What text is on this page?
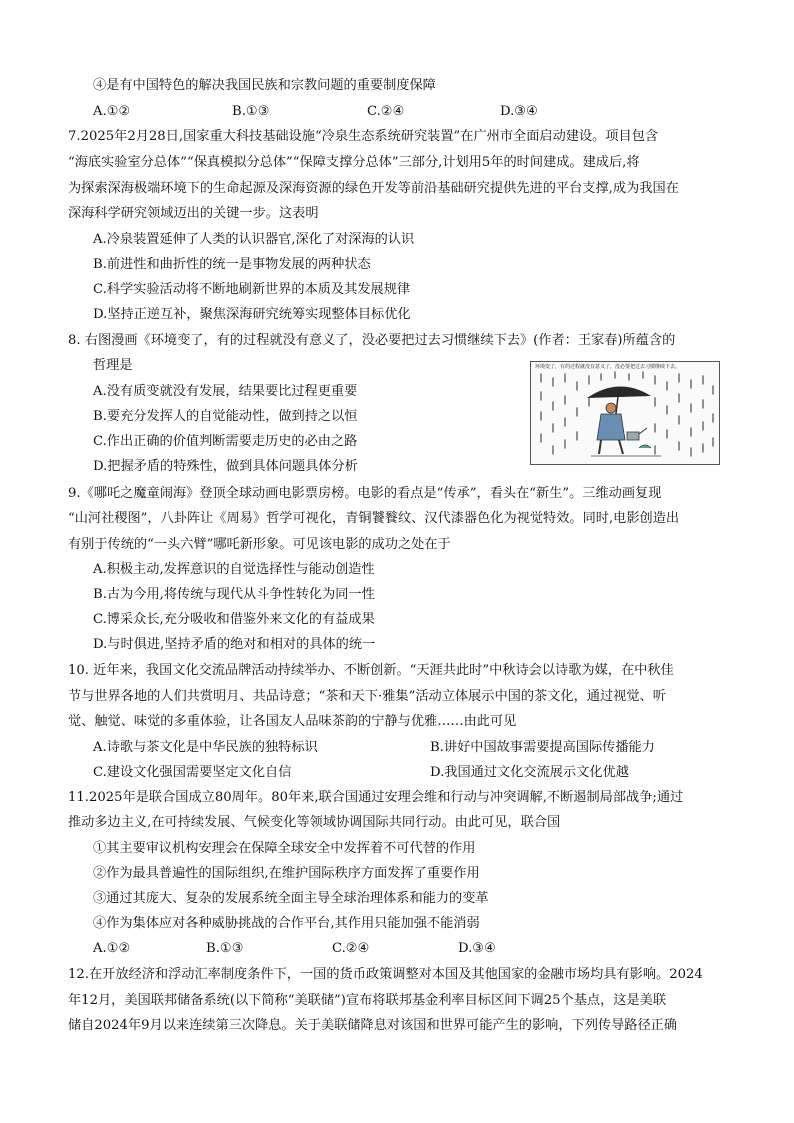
④是有中国特色的解决我国民族和宗教问题的重要制度保障
A.①②	B.①③	C.②④	D.③④
7.2025年2月28日,国家重大科技基础设施“冷泉生态系统研究装置”在广州市全面启动建设。项目包含
“海底实验室分总体”“保真模拟分总体”“保障支撑分总体”三部分,计划用5年的时间建成。建成后,将
为探索深海极端环境下的生命起源及深海资源的绿色开发等前沿基础研究提供先进的平台支撑,成为我国在
深海科学研究领域迈出的关键一步。这表明
A.冷泉装置延伸了人类的认识器官,深化了对深海的认识
B.前进性和曲折性的统一是事物发展的两种状态
C.科学实验活动将不断地刷新世界的本质及其发展规律
D.坚持正逆互补，聚焦深海研究统筹实现整体目标优化
8. 右图漫画《环境变了，有的过程就没有意义了，没必要把过去习惯继续下去》(作者：王家春)所蕴含的
哲理是
A.没有质变就没有发展，结果要比过程更重要
B.要充分发挥人的自觉能动性，做到持之以恒
C.作出正确的价值判断需要走历史的必由之路
D.把握矛盾的特殊性，做到具体问题具体分析
环境变了，有的过程就没有意义了，没必要把过去习惯继续下去。
9.《哪吒之魔童闹海》登顶全球动画电影票房榜。电影的看点是“传承”，看头在“新生”。三维动画复现
“山河社稷图”，八卦阵让《周易》哲学可视化，青铜饕餮纹、汉代漆器色化为视觉特效。同时,电影创造出
有别于传统的“一头六臂”哪吒新形象。可见该电影的成功之处在于
A.积极主动,发挥意识的自觉选择性与能动创造性
B.古为今用,将传统与现代从斗争性转化为同一性
C.博采众长,充分吸收和借鉴外来文化的有益成果
D.与时俱进,坚持矛盾的绝对和相对的具体的统一
10. 近年来，我国文化交流品牌活动持续举办、不断创新。“天涯共此时”中秋诗会以诗歌为媒，在中秋佳
节与世界各地的人们共赏明月、共品诗意；“茶和天下·雅集”活动立体展示中国的茶文化，通过视觉、听
觉、触觉、味觉的多重体验，让各国友人品味茶韵的宁静与优雅……由此可见
A.诗歌与茶文化是中华民族的独特标识	B.讲好中国故事需要提高国际传播能力
C.建设文化强国需要坚定文化自信	D.我国通过文化交流展示文化优越
11.2025年是联合国成立80周年。80年来,联合国通过安理会维和行动与冲突调解,不断遏制局部战争;通过
推动多边主义,在可持续发展、气候变化等领域协调国际共同行动。由此可见，联合国
①其主要审议机构安理会在保障全球安全中发挥着不可代替的作用
②作为最具普遍性的国际组织,在维护国际秩序方面发挥了重要作用
③通过其庞大、复杂的发展系统全面主导全球治理体系和能力的变革
④作为集体应对各种威胁挑战的合作平台,其作用只能加强不能消弱
A.①②	B.①③	C.②④	D.③④
12.在开放经济和浮动汇率制度条件下，一国的货币政策调整对本国及其他国家的金融市场均具有影响。2024
年12月，美国联邦储备系统(以下简称“美联储”)宣布将联邦基金利率目标区间下调25个基点，这是美联
储自2024年9月以来连续第三次降息。关于美联储降息对该国和世界可能产生的影响，下列传导路径正确
